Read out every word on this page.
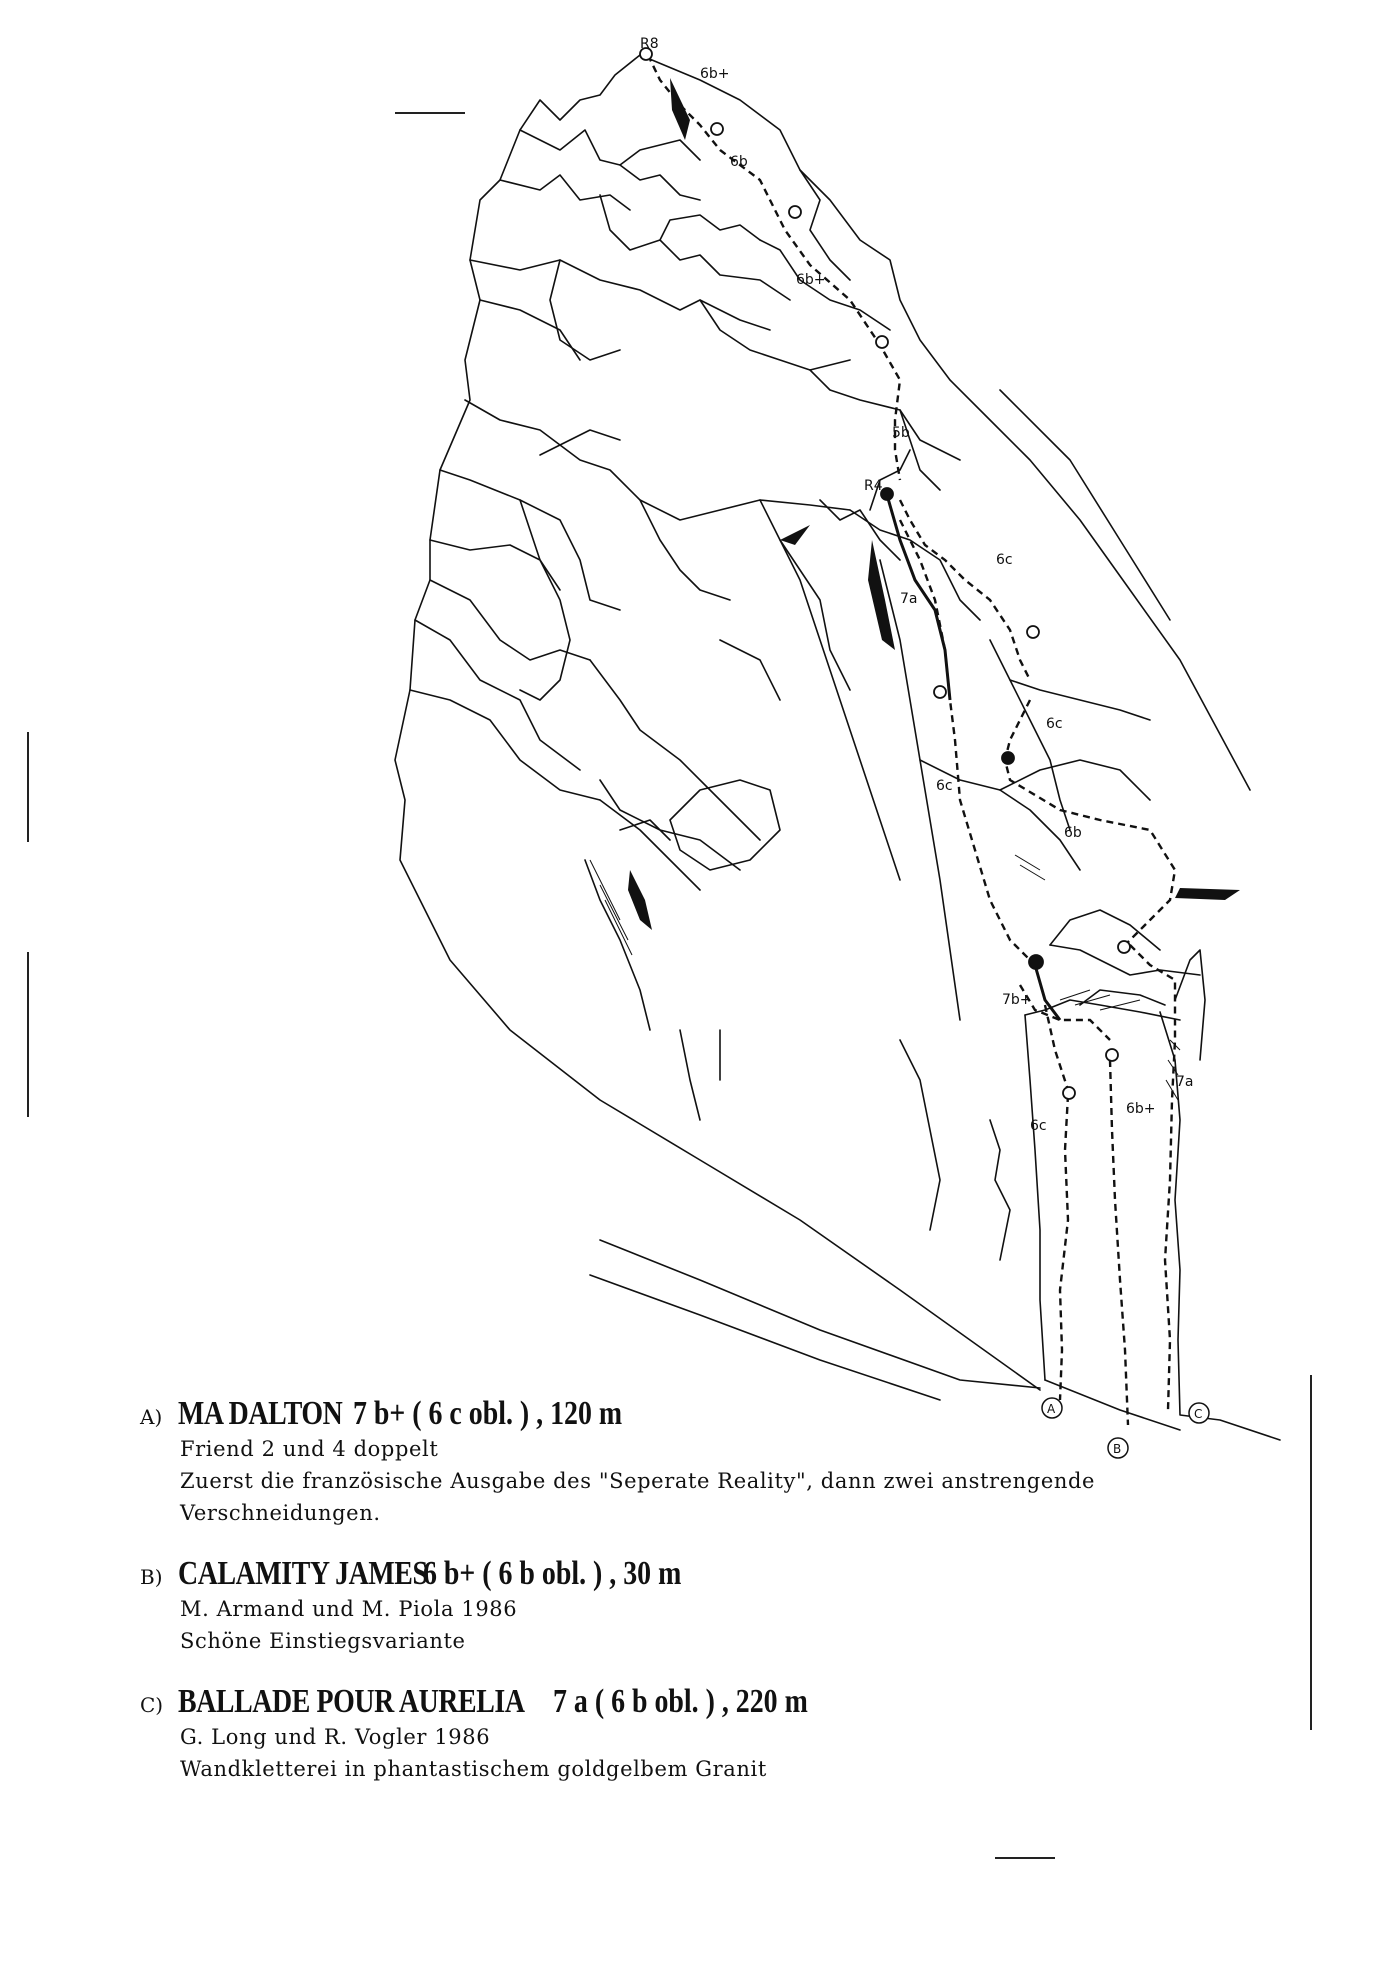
R8
R4
6b+
6b
6b+
5b
6c
7a
6c
6c
6b
7b+
6c
6b+
7a
A
B
C
A) MA DALTON 7 b+ ( 6 c obl. ) , 120 m
Friend 2 und 4 doppelt
Zuerst die französische Ausgabe des "Seperate Reality", dann zwei anstrengende
Verschneidungen.
B) CALAMITY JAMES
6 b+ ( 6 b obl. ) , 30 m
M. Armand und M. Piola 1986
Schöne Einstiegsvariante
C) BALLADE POUR AURELIA 7 a ( 6 b obl. ) , 220 m
G. Long und R. Vogler 1986
Wandkletterei in phantastischem goldgelbem Granit
